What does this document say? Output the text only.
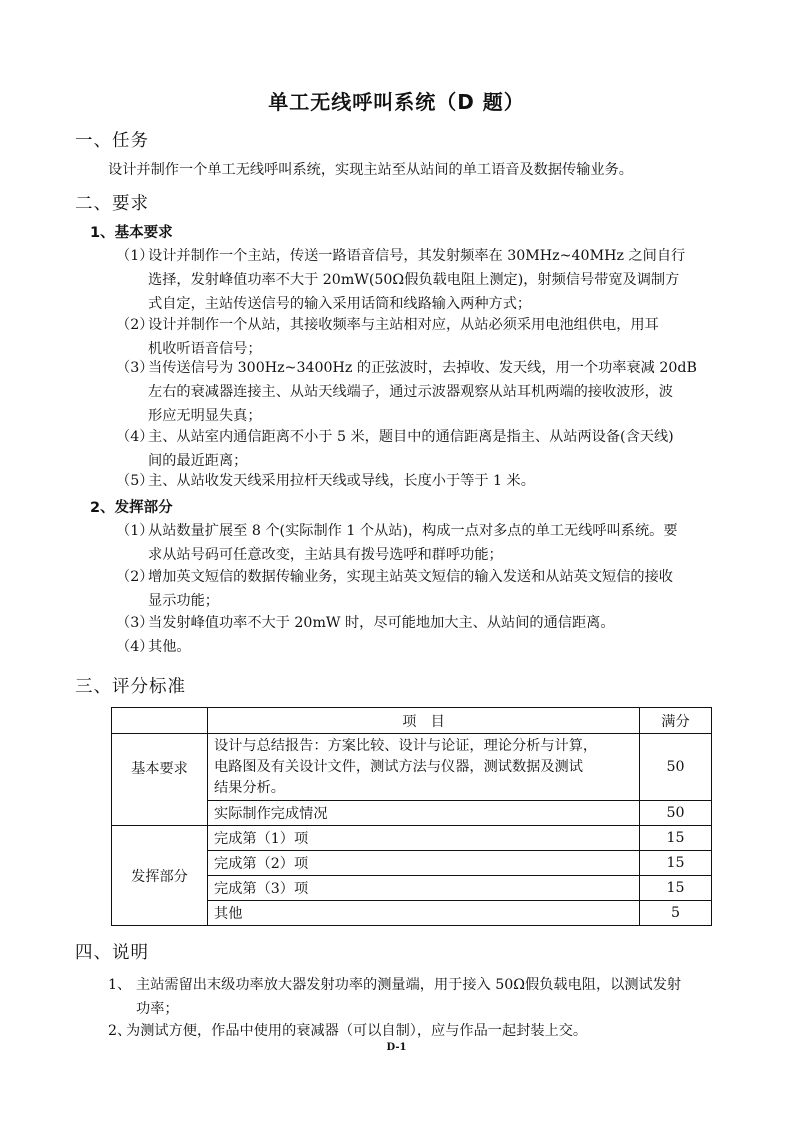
单工无线呼叫系统（D 题）
一、任务
设计并制作一个单工无线呼叫系统，实现主站至从站间的单工语音及数据传输业务。
二、要求
1、基本要求
（1）
设计并制作一个主站，传送一路语音信号，其发射频率在 30MHz~40MHz 之间自行
选择，发射峰值功率不大于 20mW(50Ω假负载电阻上测定)，射频信号带宽及调制方
式自定，主站传送信号的输入采用话筒和线路输入两种方式；
（2）
设计并制作一个从站，其接收频率与主站相对应，从站必须采用电池组供电，用耳
机收听语音信号；
（3）
当传送信号为 300Hz~3400Hz 的正弦波时，去掉收、发天线，用一个功率衰减 20dB
左右的衰减器连接主、从站天线端子，通过示波器观察从站耳机两端的接收波形，波
形应无明显失真；
（4）
主、从站室内通信距离不小于 5 米，题目中的通信距离是指主、从站两设备(含天线)
间的最近距离；
（5）
主、从站收发天线采用拉杆天线或导线，长度小于等于 1 米。
2、发挥部分
（1）
从站数量扩展至 8 个(实际制作 1 个从站)，构成一点对多点的单工无线呼叫系统。要
求从站号码可任意改变，主站具有拨号选呼和群呼功能；
（2）
增加英文短信的数据传输业务，实现主站英文短信的输入发送和从站英文短信的接收
显示功能；
（3）
当发射峰值功率不大于 20mW 时，尽可能地加大主、从站间的通信距离。
（4）
其他。
三、评分标准
	项　目	满分
基本要求	设计与总结报告：方案比较、设计与论证，理论分析与计算，
电路图及有关设计文件，测试方法与仪器，测试数据及测试
结果分析。	50
	实际制作完成情况	50
发挥部分	完成第（1）项	15
	完成第（2）项	15
	完成第（3）项	15
	其他	5
四、说明
1、 主站需留出末级功率放大器发射功率的测量端，用于接入 50Ω假负载电阻，以测试发射
功率；
2、
为测试方便，作品中使用的衰减器（可以自制），应与作品一起封装上交。
D-1
